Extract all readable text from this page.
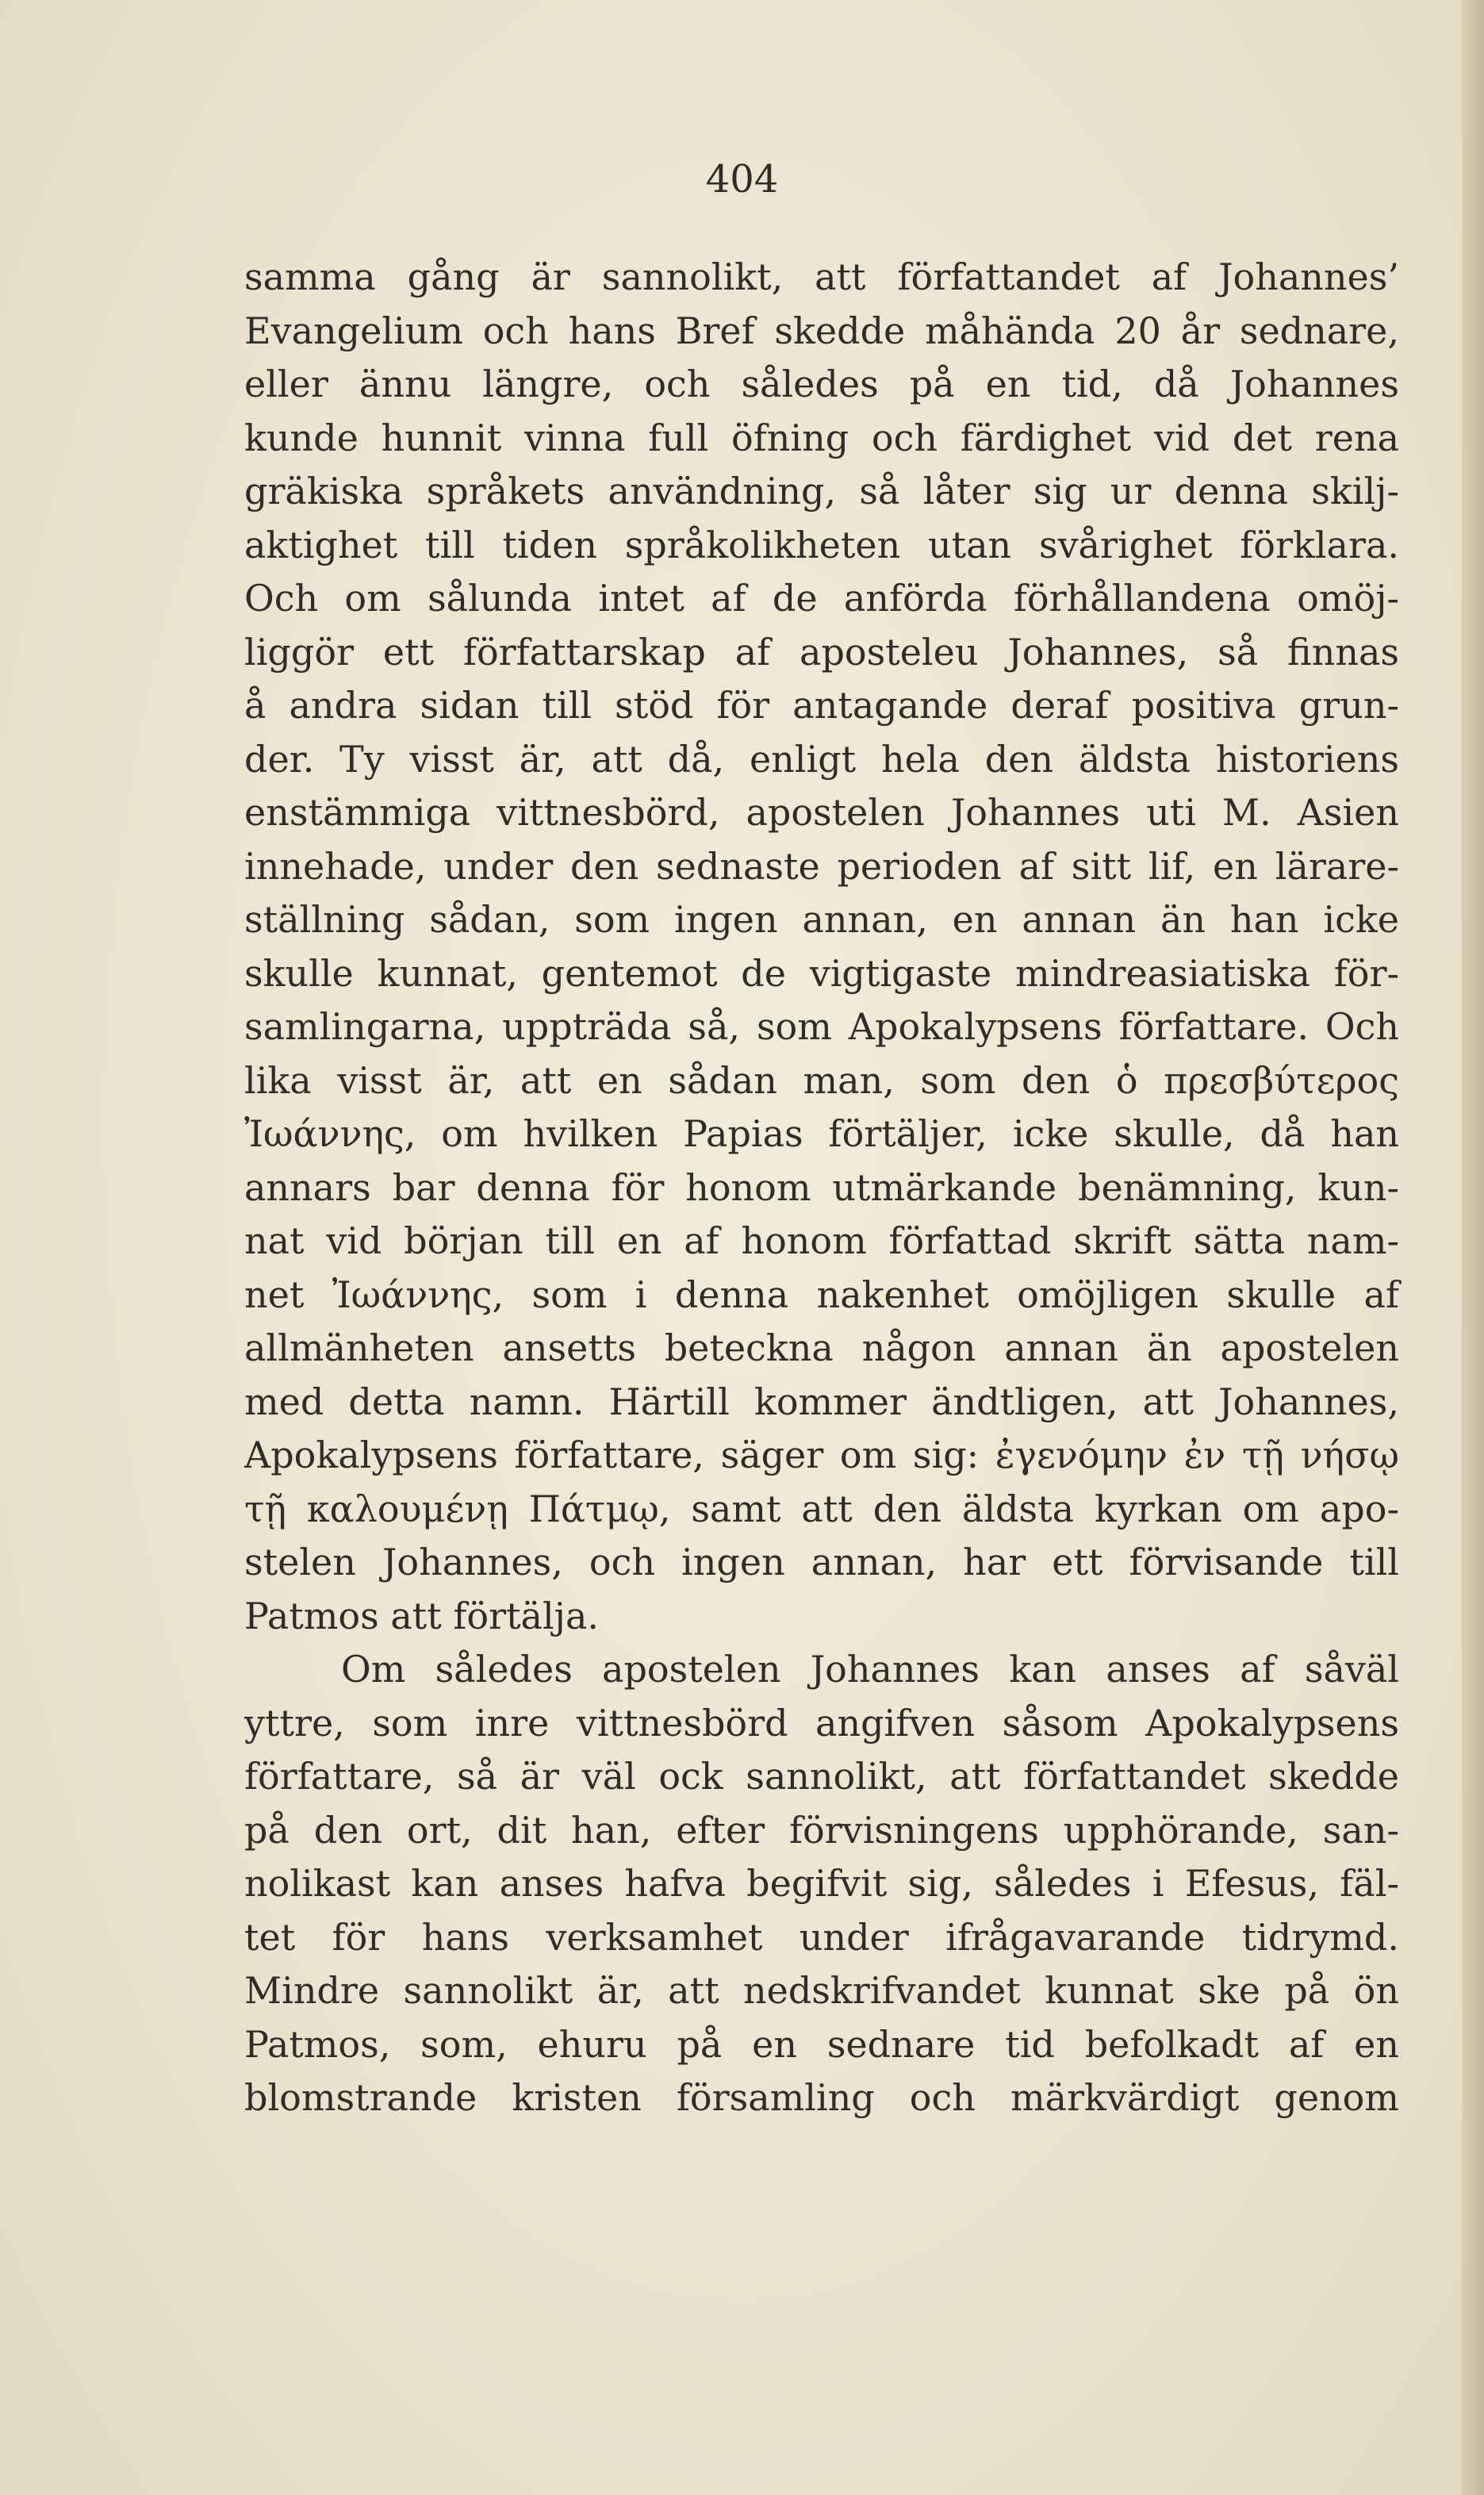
404
samma gång är sannolikt, att författandet af Johannes’
Evangelium och hans Bref skedde måhända 20 år sednare,
eller ännu längre, och således på en tid, då Johannes
kunde hunnit vinna full öfning och färdighet vid det rena
gräkiska språkets användning, så låter sig ur denna skilj-
aktighet till tiden språkolikheten utan svårighet förklara.
Och om sålunda intet af de anförda förhållandena omöj-
liggör ett författarskap af aposteleu Johannes, så finnas
å andra sidan till stöd för antagande deraf positiva grun-
der. Ty visst är, att då, enligt hela den äldsta historiens
enstämmiga vittnesbörd, apostelen Johannes uti M. Asien
innehade, under den sednaste perioden af sitt lif, en lärare-
ställning sådan, som ingen annan, en annan än han icke
skulle kunnat, gentemot de vigtigaste mindreasiatiska för-
samlingarna, uppträda så, som Apokalypsens författare. Och
lika visst är, att en sådan man, som den ὁ πρεσβύτερος
Ἰωάννης, om hvilken Papias förtäljer, icke skulle, då han
annars bar denna för honom utmärkande benämning, kun-
nat vid början till en af honom författad skrift sätta nam-
net Ἰωάννης, som i denna nakenhet omöjligen skulle af
allmänheten ansetts beteckna någon annan än apostelen
med detta namn. Härtill kommer ändtligen, att Johannes,
Apokalypsens författare, säger om sig: ἐγενόμην ἐν τῇ νήσῳ
τῇ καλουμένῃ Πάτμῳ, samt att den äldsta kyrkan om apo-
stelen Johannes, och ingen annan, har ett förvisande till
Patmos att förtälja.
Om således apostelen Johannes kan anses af såväl
yttre, som inre vittnesbörd angifven såsom Apokalypsens
författare, så är väl ock sannolikt, att författandet skedde
på den ort, dit han, efter förvisningens upphörande, san-
nolikast kan anses hafva begifvit sig, således i Efesus, fäl-
tet för hans verksamhet under ifrågavarande tidrymd.
Mindre sannolikt är, att nedskrifvandet kunnat ske på ön
Patmos, som, ehuru på en sednare tid befolkadt af en
blomstrande kristen församling och märkvärdigt genom
